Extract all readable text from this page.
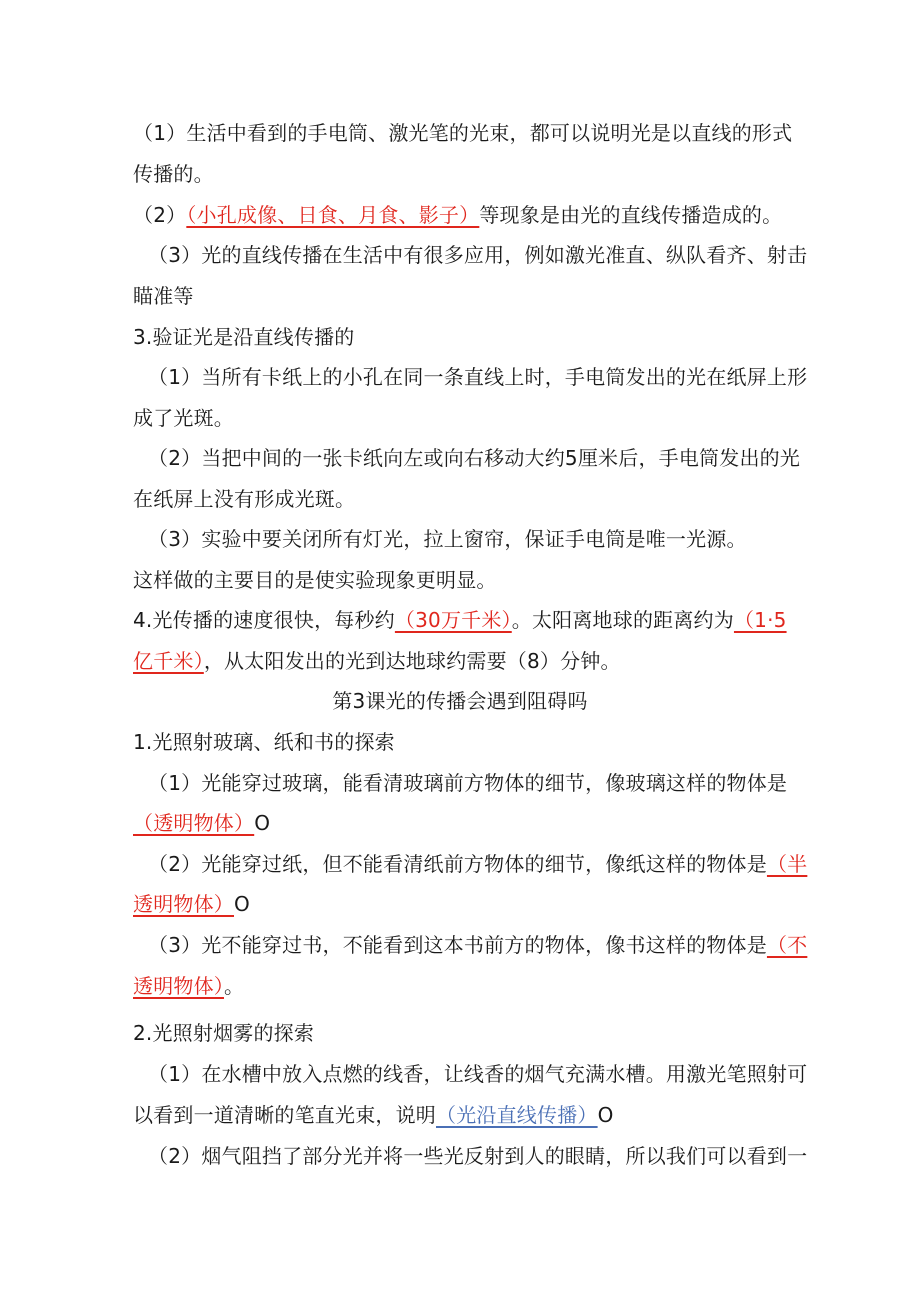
（1）生活中看到的手电筒、激光笔的光束，都可以说明光是以直线的形式
传播的。
（2）（小孔成像、日食、月食、影子）等现象是由光的直线传播造成的。
（3）光的直线传播在生活中有很多应用，例如激光准直、纵队看齐、射击
瞄准等
3.验证光是沿直线传播的
（1）当所有卡纸上的小孔在同一条直线上时，手电筒发出的光在纸屏上形
成了光斑。
（2）当把中间的一张卡纸向左或向右移动大约5厘米后，手电筒发出的光
在纸屏上没有形成光斑。
（3）实验中要关闭所有灯光，拉上窗帘，保证手电筒是唯一光源。
这样做的主要目的是使实验现象更明显。
4.光传播的速度很快，每秒约（30万千米）。太阳离地球的距离约为（1·5
亿千米），从太阳发出的光到达地球约需要（8）分钟。
第3课光的传播会遇到阻碍吗
1.光照射玻璃、纸和书的探索
（1）光能穿过玻璃，能看清玻璃前方物体的细节，像玻璃这样的物体是
（透明物体）O
（2）光能穿过纸，但不能看清纸前方物体的细节，像纸这样的物体是（半
透明物体）O
（3）光不能穿过书，不能看到这本书前方的物体，像书这样的物体是（不
透明物体）。
2.光照射烟雾的探索
（1）在水槽中放入点燃的线香，让线香的烟气充满水槽。用激光笔照射可
以看到一道清晰的笔直光束，说明（光沿直线传播）O
（2）烟气阻挡了部分光并将一些光反射到人的眼睛，所以我们可以看到一
